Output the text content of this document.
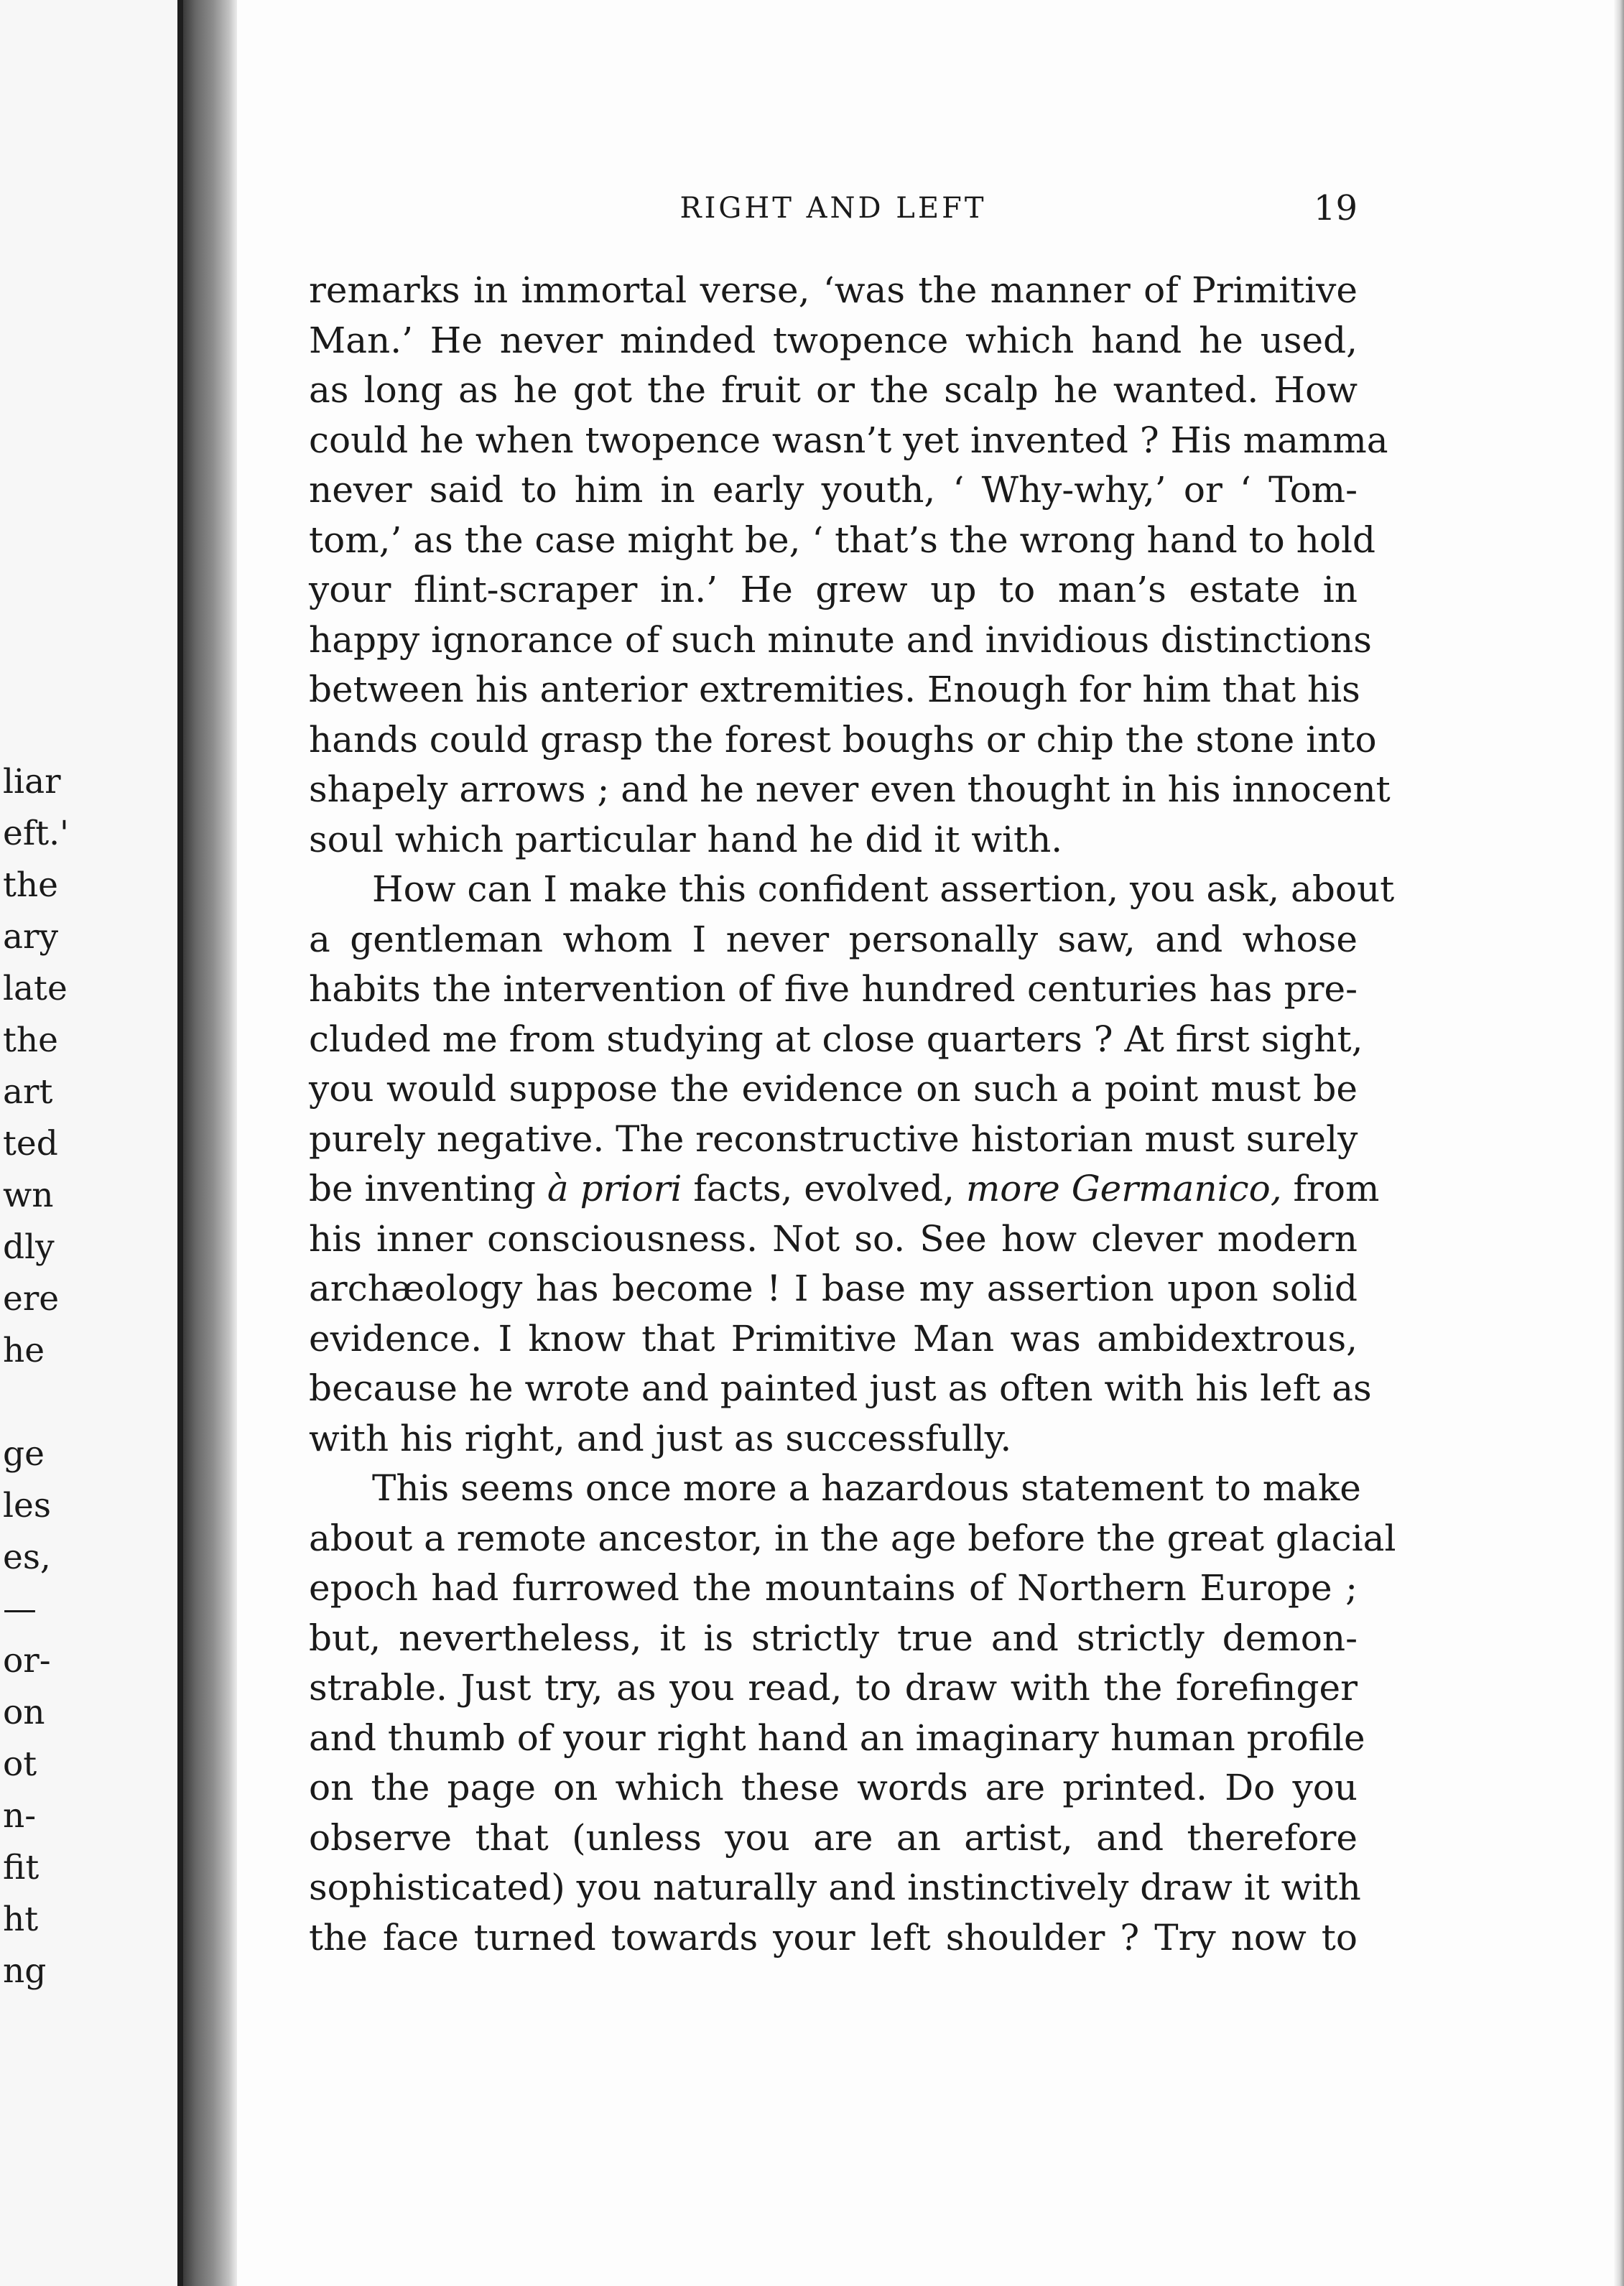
liar

eft.'

the

ary

late

the

art

ted

wn

dly

ere

he

ge

les

es,

—

or-

on

ot

n-

fit

ht

ng

RIGHT AND LEFT	19

remarks in immortal verse, ‘was the manner of Primitive

Man.’ He never minded twopence which hand he used,

as long as he got the fruit or the scalp he wanted. How

could he when twopence wasn’t yet invented ? His mamma

never said to him in early youth, ‘ Why-why,’ or ‘ Tom-

tom,’ as the case might be, ‘ that’s the wrong hand to hold

your flint-scraper in.’ He grew up to man’s estate in

happy ignorance of such minute and invidious distinctions

between his anterior extremities. Enough for him that his

hands could grasp the forest boughs or chip the stone into

shapely arrows ; and he never even thought in his innocent

soul which particular hand he did it with.

How can I make this confident assertion, you ask, about

a gentleman whom I never personally saw, and whose

habits the intervention of five hundred centuries has pre-

cluded me from studying at close quarters ? At first sight,

you would suppose the evidence on such a point must be

purely negative. The reconstructive historian must surely

be inventing à priori facts, evolved, more Germanico, from

his inner consciousness. Not so. See how clever modern

archæology has become ! I base my assertion upon solid

evidence. I know that Primitive Man was ambidextrous,

because he wrote and painted just as often with his left as

with his right, and just as successfully.

This seems once more a hazardous statement to make

about a remote ancestor, in the age before the great glacial

epoch had furrowed the mountains of Northern Europe ;

but, nevertheless, it is strictly true and strictly demon-

strable. Just try, as you read, to draw with the forefinger

and thumb of your right hand an imaginary human profile

on the page on which these words are printed. Do you

observe that (unless you are an artist, and therefore

sophisticated) you naturally and instinctively draw it with

the face turned towards your left shoulder ? Try now to
